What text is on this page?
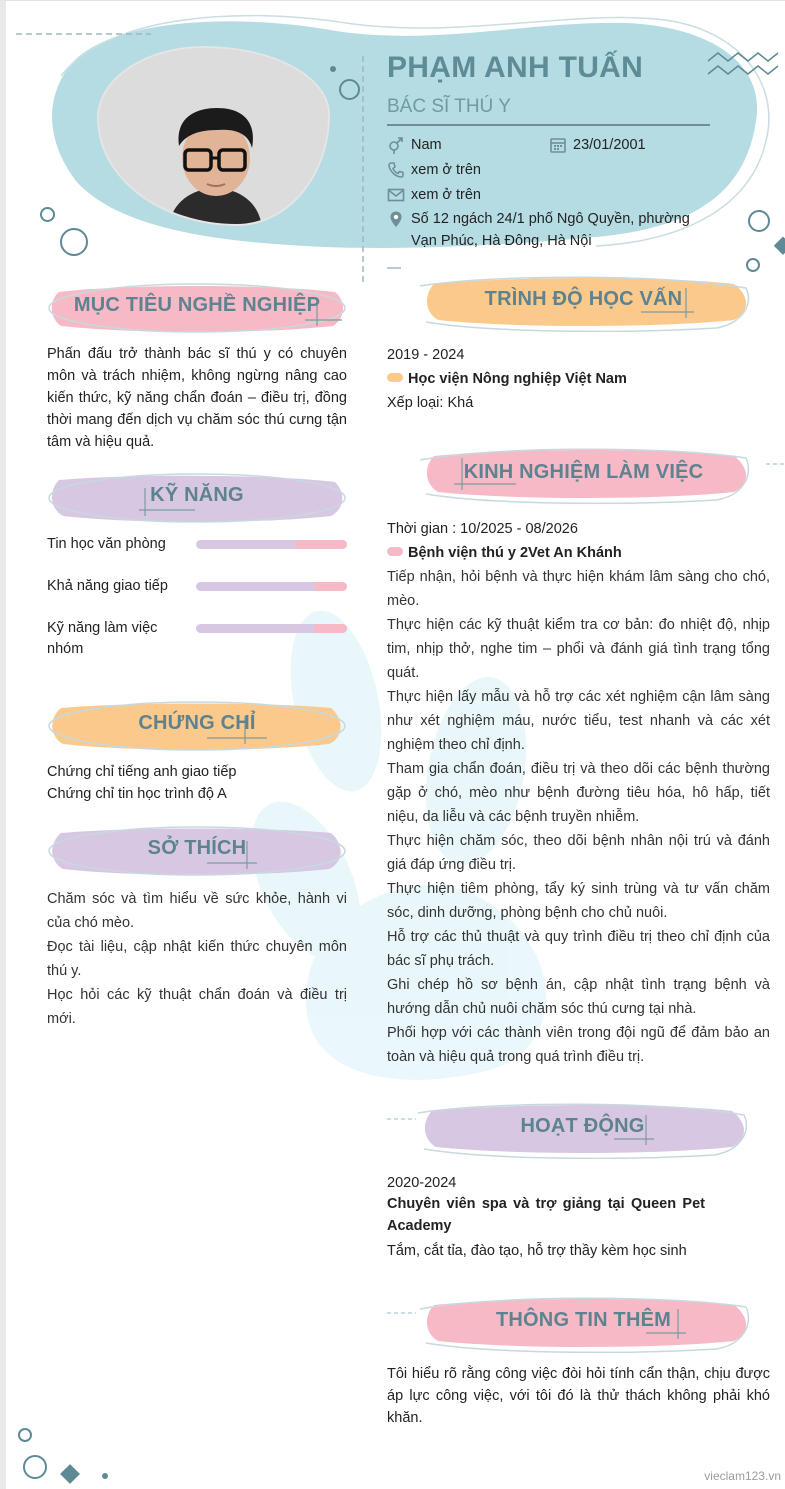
PHẠM ANH TUẤN
BÁC SĨ THÚ Y
Nam	23/01/2001
xem ở trên
xem ở trên
Số 12 ngách 24/1 phố Ngô Quyền, phường Vạn Phúc, Hà Đông, Hà Nội
MỤC TIÊU NGHỀ NGHIỆP
Phấn đấu trở thành bác sĩ thú y có chuyên môn và trách nhiệm, không ngừng nâng cao kiến thức, kỹ năng chẩn đoán – điều trị, đồng thời mang đến dịch vụ chăm sóc thú cưng tận tâm và hiệu quả.
KỸ NĂNG
Tin học văn phòng
Khả năng giao tiếp
Kỹ năng làm việc nhóm
CHỨNG CHỈ
Chứng chỉ tiếng anh giao tiếp
Chứng chỉ tin học trình độ A
SỞ THÍCH
Chăm sóc và tìm hiểu về sức khỏe, hành vi của chó mèo.
Đọc tài liệu, cập nhật kiến thức chuyên môn thú y.
Học hỏi các kỹ thuật chẩn đoán và điều trị mới.
TRÌNH ĐỘ HỌC VẤN
2019 - 2024
Học viện Nông nghiệp Việt Nam
Xếp loại: Khá
KINH NGHIỆM LÀM VIỆC
Thời gian : 10/2025 - 08/2026
Bệnh viện thú y 2Vet An Khánh
Tiếp nhận, hỏi bệnh và thực hiện khám lâm sàng cho chó, mèo.
Thực hiện các kỹ thuật kiểm tra cơ bản: đo nhiệt độ, nhịp tim, nhịp thở, nghe tim – phổi và đánh giá tình trạng tổng quát.
Thực hiện lấy mẫu và hỗ trợ các xét nghiệm cận lâm sàng như xét nghiệm máu, nước tiểu, test nhanh và các xét nghiệm theo chỉ định.
Tham gia chẩn đoán, điều trị và theo dõi các bệnh thường gặp ở chó, mèo như bệnh đường tiêu hóa, hô hấp, tiết niệu, da liễu và các bệnh truyền nhiễm.
Thực hiện chăm sóc, theo dõi bệnh nhân nội trú và đánh giá đáp ứng điều trị.
Thực hiện tiêm phòng, tẩy ký sinh trùng và tư vấn chăm sóc, dinh dưỡng, phòng bệnh cho chủ nuôi.
Hỗ trợ các thủ thuật và quy trình điều trị theo chỉ định của bác sĩ phụ trách.
Ghi chép hồ sơ bệnh án, cập nhật tình trạng bệnh và hướng dẫn chủ nuôi chăm sóc thú cưng tại nhà.
Phối hợp với các thành viên trong đội ngũ để đảm bảo an toàn và hiệu quả trong quá trình điều trị.
HOẠT ĐỘNG
2020-2024
Chuyên viên spa và trợ giảng tại Queen Pet Academy
Tắm, cắt tỉa, đào tạo, hỗ trợ thầy kèm học sinh
THÔNG TIN THÊM
Tôi hiểu rõ rằng công việc đòi hỏi tính cẩn thận, chịu được áp lực công việc, với tôi đó là thử thách không phải khó khăn.
vieclam123.vn
